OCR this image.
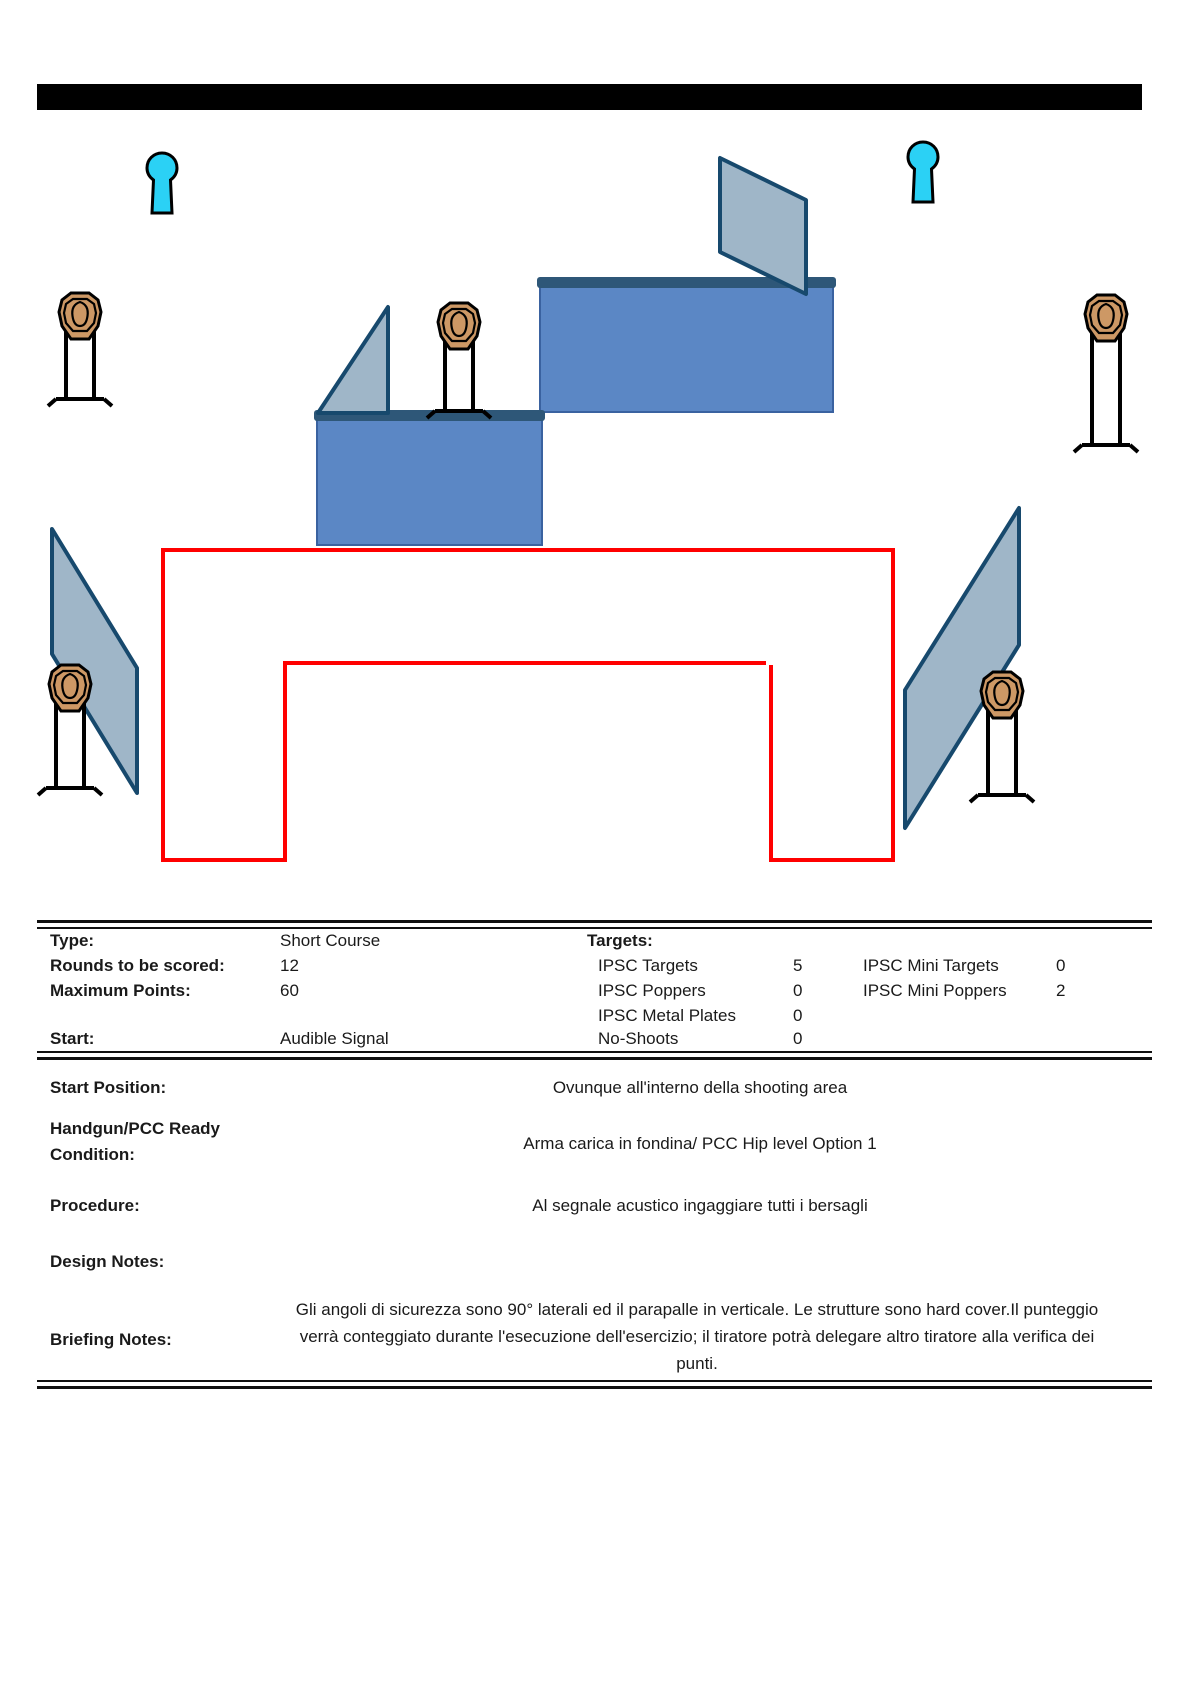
Type:	Short Course	Targets:
Rounds to be scored:	12	IPSC Targets	5	IPSC Mini Targets	0
Maximum Points:	60	IPSC Poppers	0	IPSC Mini Poppers	2
IPSC Metal Plates	0
Start:	Audible Signal	No-Shoots	0
Start Position:	Ovunque all'interno della shooting area
Handgun/PCC Ready Condition:
Arma carica in fondina/ PCC Hip level Option 1
Procedure:	Al segnale acustico ingaggiare tutti i bersagli
Design Notes:
Briefing Notes:
Gli angoli di sicurezza sono 90° laterali ed il parapalle in verticale. Le strutture sono hard cover.Il punteggio verrà conteggiato durante l'esecuzione dell'esercizio; il tiratore potrà delegare altro tiratore alla verifica dei punti.
